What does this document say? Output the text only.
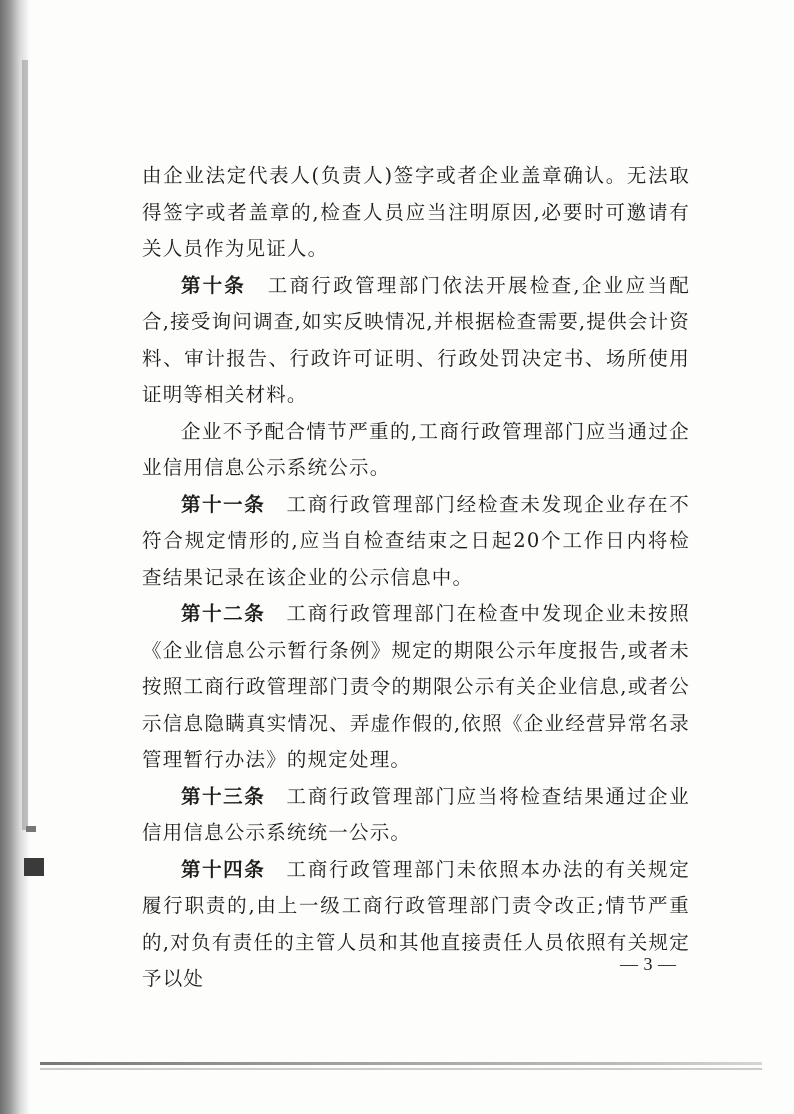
由企业法定代表人(负责人)签字或者企业盖章确认。无法取得签字或者盖章的,检查人员应当注明原因,必要时可邀请有关人员作为见证人。

第十条　 工商行政管理部门依法开展检查,企业应当配合,接受询问调查,如实反映情况,并根据检查需要,提供会计资料、审计报告、行政许可证明、行政处罚决定书、场所使用证明等相关材料。

企业不予配合情节严重的,工商行政管理部门应当通过企业信用信息公示系统公示。

第十一条　 工商行政管理部门经检查未发现企业存在不符合规定情形的,应当自检查结束之日起20个工作日内将检查结果记录在该企业的公示信息中。

第十二条　 工商行政管理部门在检查中发现企业未按照《企业信息公示暂行条例》规定的期限公示年度报告,或者未按照工商行政管理部门责令的期限公示有关企业信息,或者公示信息隐瞒真实情况、弄虚作假的,依照《企业经营异常名录管理暂行办法》的规定处理。

第十三条　 工商行政管理部门应当将检查结果通过企业信用信息公示系统统一公示。

第十四条　 工商行政管理部门未依照本办法的有关规定履行职责的,由上一级工商行政管理部门责令改正;情节严重的,对负有责任的主管人员和其他直接责任人员依照有关规定予以处

— 3 —
